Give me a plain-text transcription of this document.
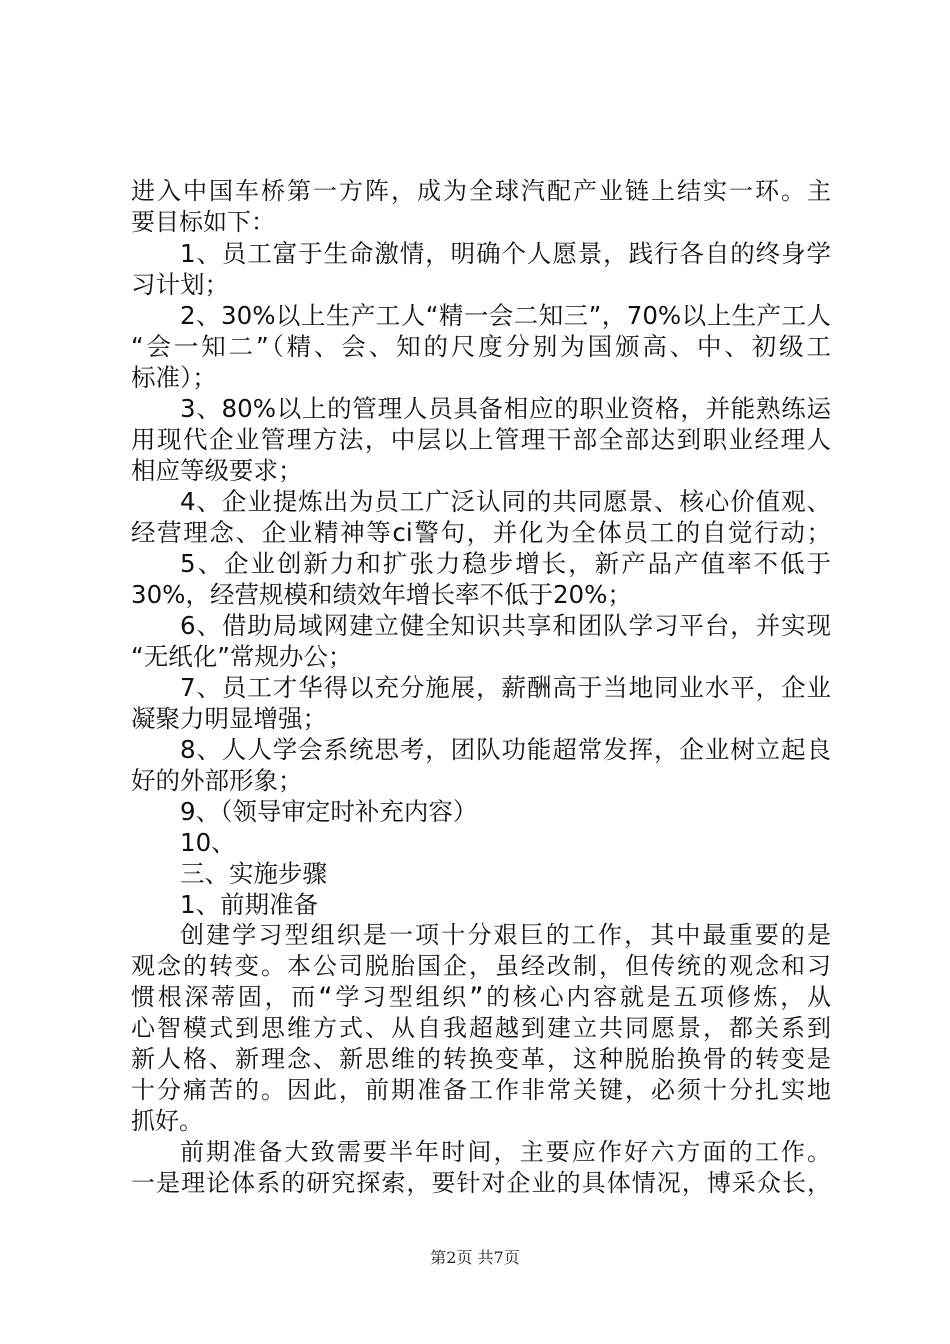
进入中国车桥第一方阵，成为全球汽配产业链上结实一环。主
要目标如下：
1、员工富于生命激情，明确个人愿景，践行各自的终身学
习计划；
2、30%以上生产工人“精一会二知三”，70%以上生产工人
“会一知二”（精、会、知的尺度分别为国颁高、中、初级工
标准）；
3、80%以上的管理人员具备相应的职业资格，并能熟练运
用现代企业管理方法，中层以上管理干部全部达到职业经理人
相应等级要求；
4、企业提炼出为员工广泛认同的共同愿景、核心价值观、
经营理念、企业精神等ci警句，并化为全体员工的自觉行动；
5、企业创新力和扩张力稳步增长，新产品产值率不低于
30%，经营规模和绩效年增长率不低于20%；
6、借助局域网建立健全知识共享和团队学习平台，并实现
“无纸化”常规办公；
7、员工才华得以充分施展，薪酬高于当地同业水平，企业
凝聚力明显增强；
8、人人学会系统思考，团队功能超常发挥，企业树立起良
好的外部形象；
9、（领导审定时补充内容）
10、
三、实施步骤
1、前期准备
创建学习型组织是一项十分艰巨的工作，其中最重要的是
观念的转变。本公司脱胎国企，虽经改制，但传统的观念和习
惯根深蒂固，而“学习型组织”的核心内容就是五项修炼，从
心智模式到思维方式、从自我超越到建立共同愿景，都关系到
新人格、新理念、新思维的转换变革，这种脱胎换骨的转变是
十分痛苦的。因此，前期准备工作非常关键，必须十分扎实地
抓好。
前期准备大致需要半年时间，主要应作好六方面的工作。
一是理论体系的研究探索，要针对企业的具体情况，博采众长，
第2页 共7页
